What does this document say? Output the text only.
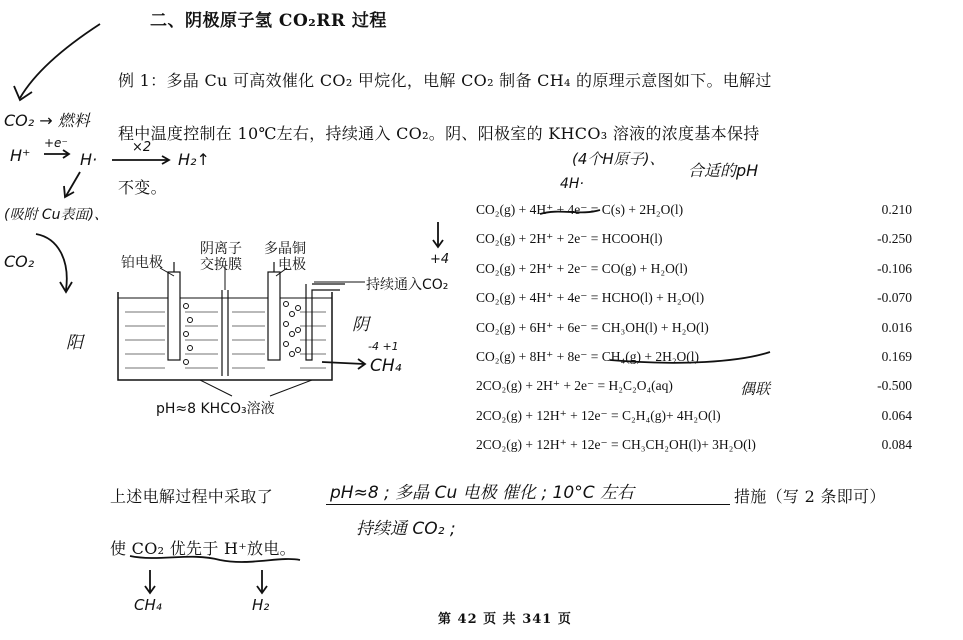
二、阴极原子氢 CO₂RR 过程
例 1：多晶 Cu 可高效催化 CO₂ 甲烷化，电解 CO₂ 制备 CH₄ 的原理示意图如下。电解过
程中温度控制在 10℃左右，持续通入 CO₂。阴、阳极室的 KHCO₃ 溶液的浓度基本保持
不变。
铂电极
阴离子
交换膜
多晶铜
电极
持续通入CO₂
pH≈8 KHCO₃溶液
CO₂(g) + 4H⁺ + 4e⁻ = C(s) + 2H₂O(l)	0.210
CO₂(g) + 2H⁺ + 2e⁻ = HCOOH(l)	-0.250
CO₂(g) + 2H⁺ + 2e⁻ = CO(g) + H₂O(l)	-0.106
CO₂(g) + 4H⁺ + 4e⁻ = HCHO(l) + H₂O(l)	-0.070
CO₂(g) + 6H⁺ + 6e⁻ = CH₃OH(l) + H₂O(l)	0.016
CO₂(g) + 8H⁺ + 8e⁻ = CH₄(g) + 2H₂O(l)	0.169
2CO₂(g) + 2H⁺ + 2e⁻ = H₂C₂O₄(aq)	-0.500
2CO₂(g) + 12H⁺ + 12e⁻ = C₂H₄(g)+ 4H₂O(l)	0.064
2CO₂(g) + 12H⁺ + 12e⁻ = CH₃CH₂OH(l)+ 3H₂O(l)	0.084
上述电解过程中采取了	措施（写 2 条即可）
使 CO₂ 优先于 H⁺放电。
CO₂ → 燃料
H⁺
+e⁻
H·
×2
H₂↑
(吸附 Cu表面)、
CO₂
阳
阴
(4个H原子)、
4H·
合适的pH
+4
-4 +1
CH₄
偶联
pH≈8 ; 多晶 Cu 电极 催化 ; 10°C 左右
持续通 CO₂ ;
CH₄	H₂
第 42 页 共 341 页
